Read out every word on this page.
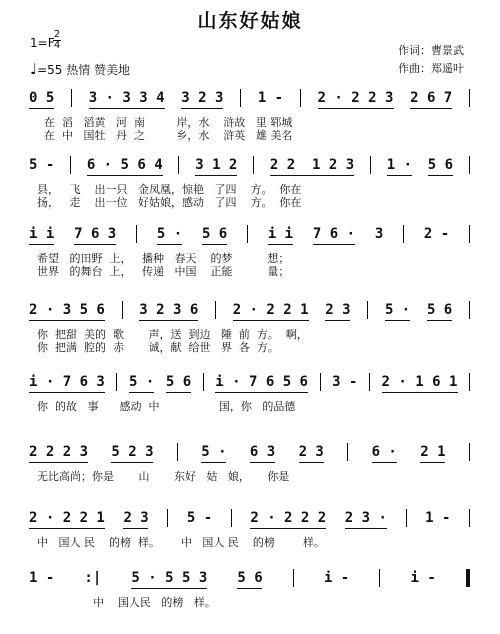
山东好姑娘
1=F
2
4
♩=55 热情 赞美地
作词：曹景武
作曲：郑遥叶
0 5 3 · 3 3 4 3 2 3 1 - 2 · 2 2 3 2 6 7
在  滔   滔黄   河  南         岸，水    浒故   里 郓城
在  中   国牡   丹  之         乡，水    浒英   雄 美名
5 - 6 · 5 6 4 3 1 2 2 2  1 2 3 1 · 5 6
县，   飞    出一只   金凤凰，惊艳   了四    方。  你在
扬，   走    出一位   好姑娘，感动   了四    方。  你在
i i 7 6 3	5 · 5 6	i i 7 6 · 3	2 -
希望   的田野  上，   播种   春天    的梦          想；
世界   的舞台  上，   传递   中国    正能          量；
2 · 3 5 6 3 2 3 6 2 · 2 2 1 2 3 5 · 5 6
你  把甜  美的  歌       声，送  到边   陲  前  方。  啊，
你  把满  腔的  赤       诚，献  给世   界  各  方。
i · 7 6 3 5 · 5 6 i · 7 6 5 6 3 - 2 · 1 6 1
你  的故   事      感动  中                 国，你   的品德
2 2 2 3 5 2 3	5 · 6 3 2 3	6 · 2 1
无比高尚；你是       山       东好   姑   娘，     你是
2 · 2 2 1 2 3	5 -	2 · 2 2 2 2 3 ·	1 -
中   国人 民    的榜  样。      中   国人 民    的榜        样。
1 - :| 5 · 5 5 3 5 6	i -	i -
中    国人民   的榜   样。
